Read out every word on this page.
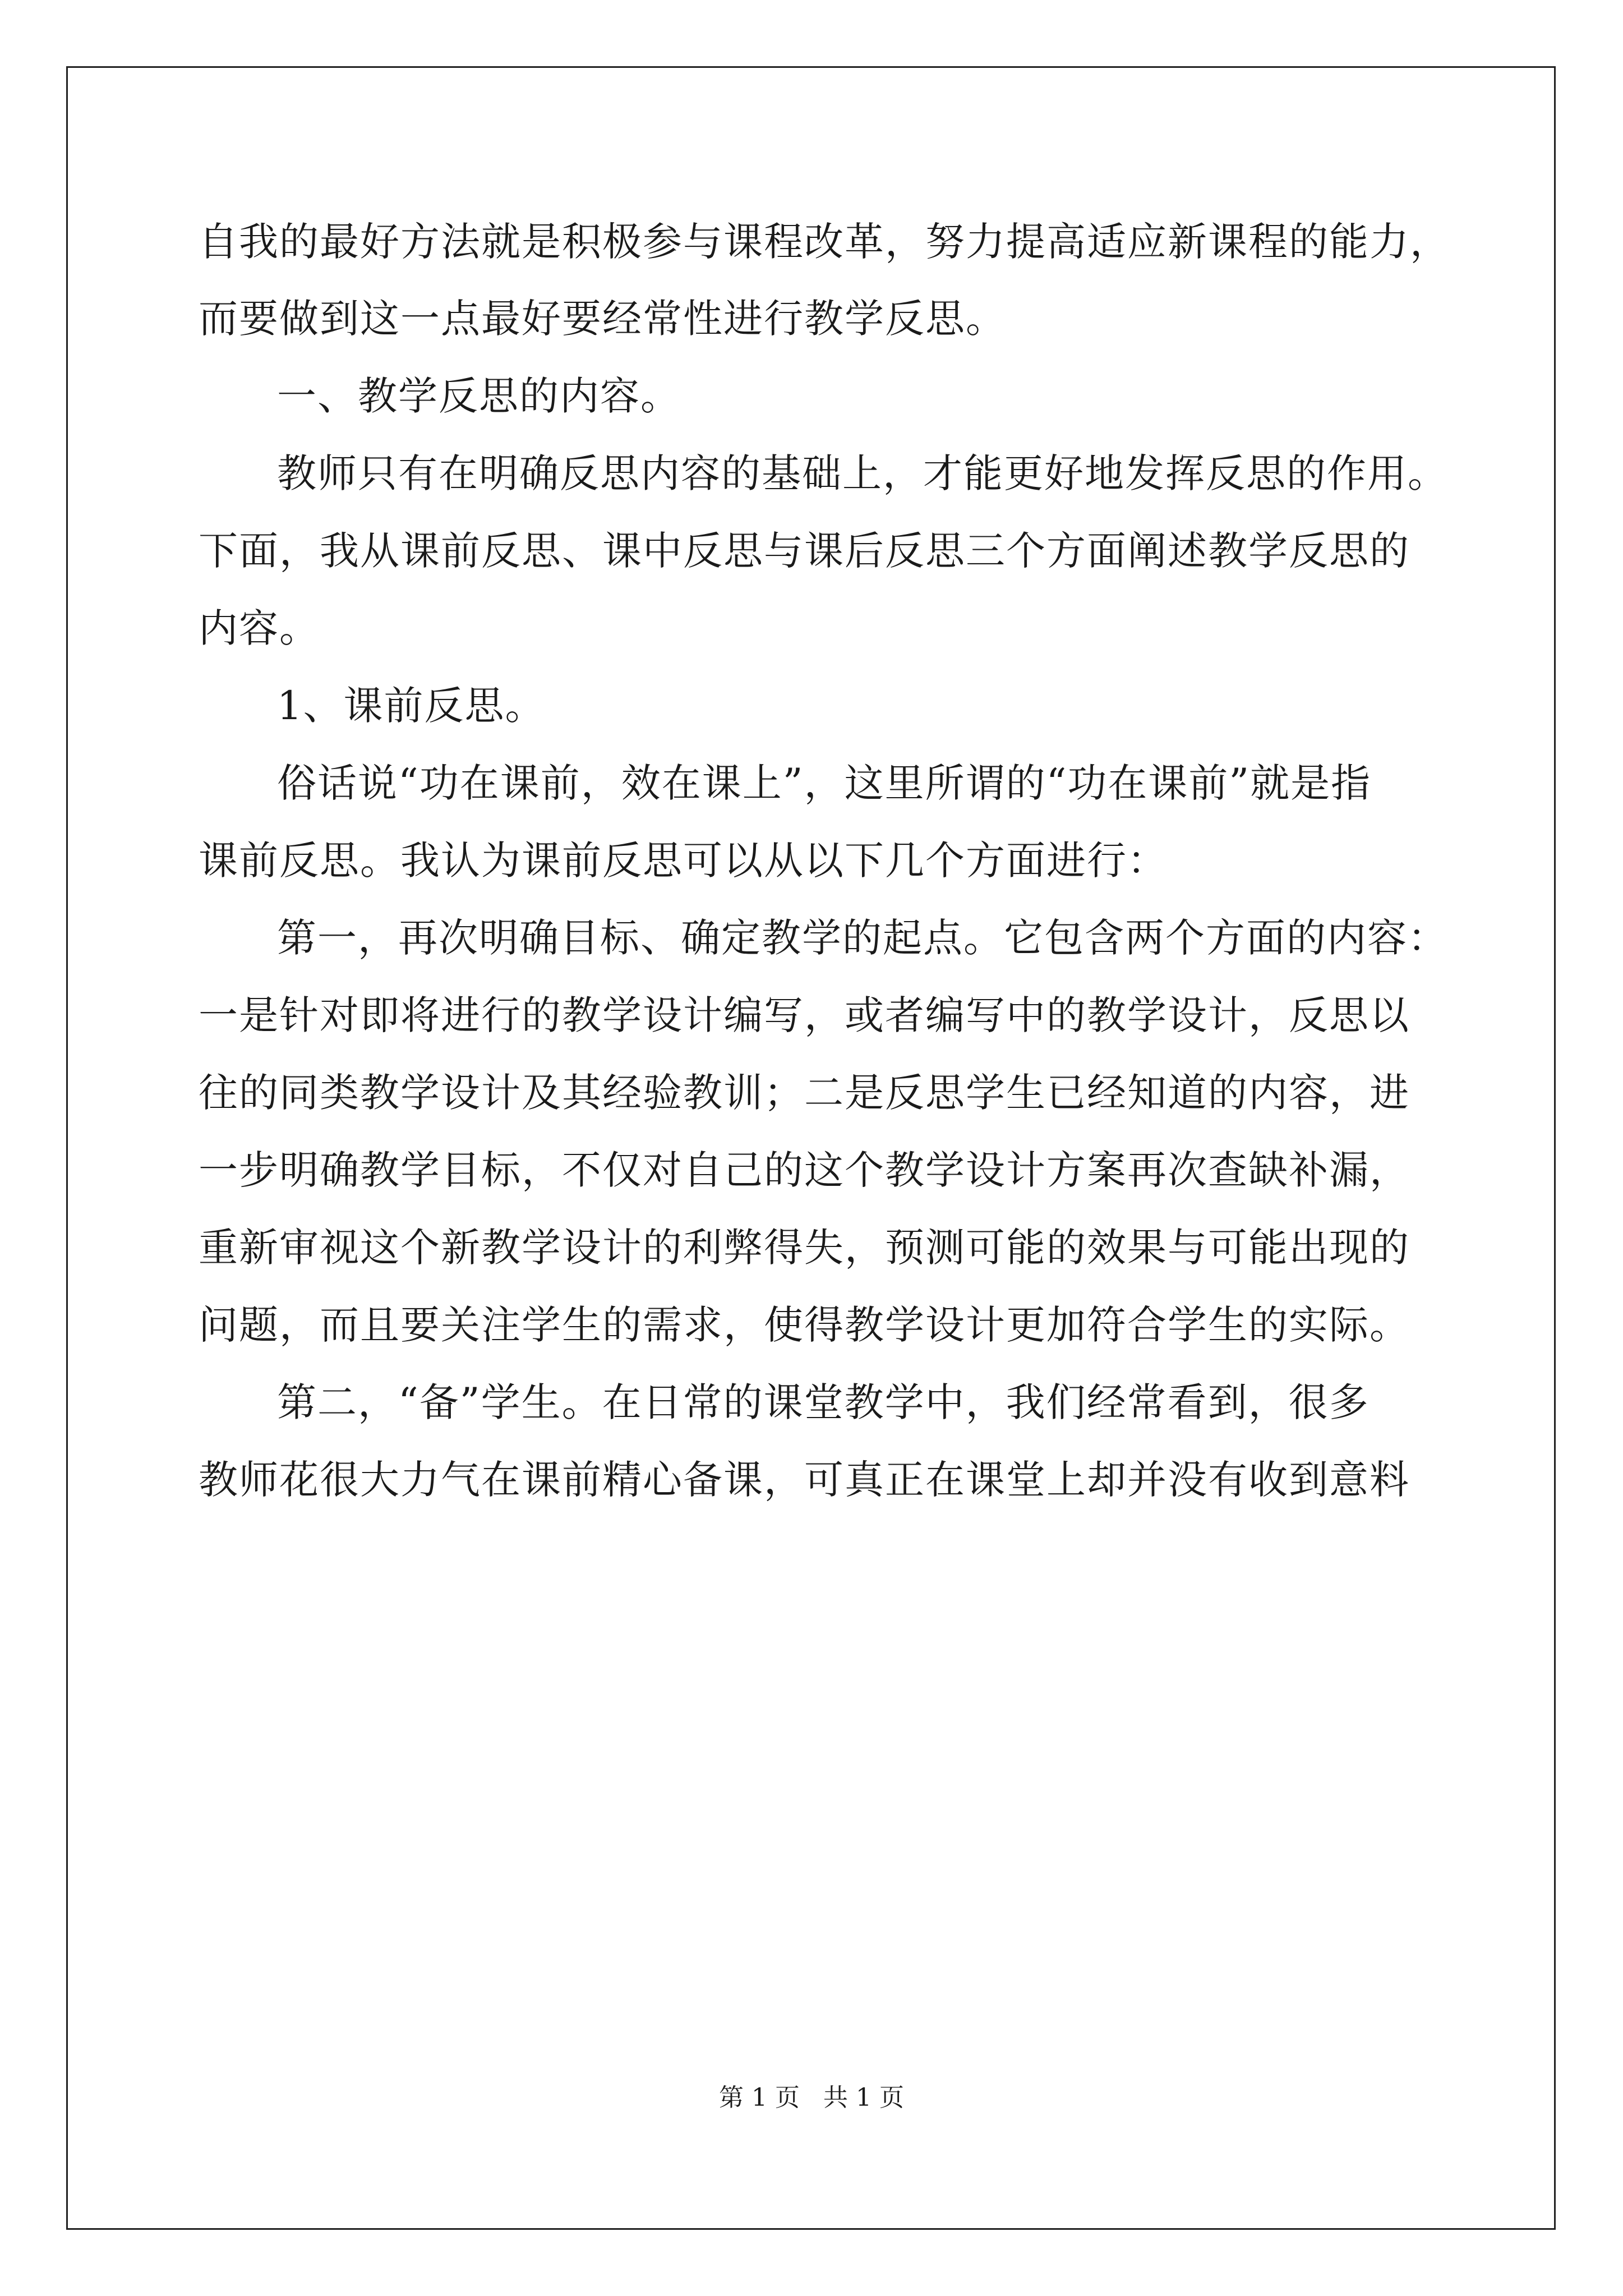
自我的最好方法就是积极参与课程改革，努力提高适应新课程的能力，
而要做到这一点最好要经常性进行教学反思。
一、教学反思的内容。
教师只有在明确反思内容的基础上，才能更好地发挥反思的作用。
下面，我从课前反思、课中反思与课后反思三个方面阐述教学反思的
内容。
1、课前反思。
俗话说“功在课前，效在课上”，这里所谓的“功在课前”就是指
课前反思。我认为课前反思可以从以下几个方面进行：
第一，再次明确目标、确定教学的起点。它包含两个方面的内容：
一是针对即将进行的教学设计编写，或者编写中的教学设计，反思以
往的同类教学设计及其经验教训；二是反思学生已经知道的内容，进
一步明确教学目标，不仅对自己的这个教学设计方案再次查缺补漏，
重新审视这个新教学设计的利弊得失，预测可能的效果与可能出现的
问题，而且要关注学生的需求，使得教学设计更加符合学生的实际。
第二，“备”学生。在日常的课堂教学中，我们经常看到，很多
教师花很大力气在课前精心备课，可真正在课堂上却并没有收到意料
第 1 页   共 1 页
